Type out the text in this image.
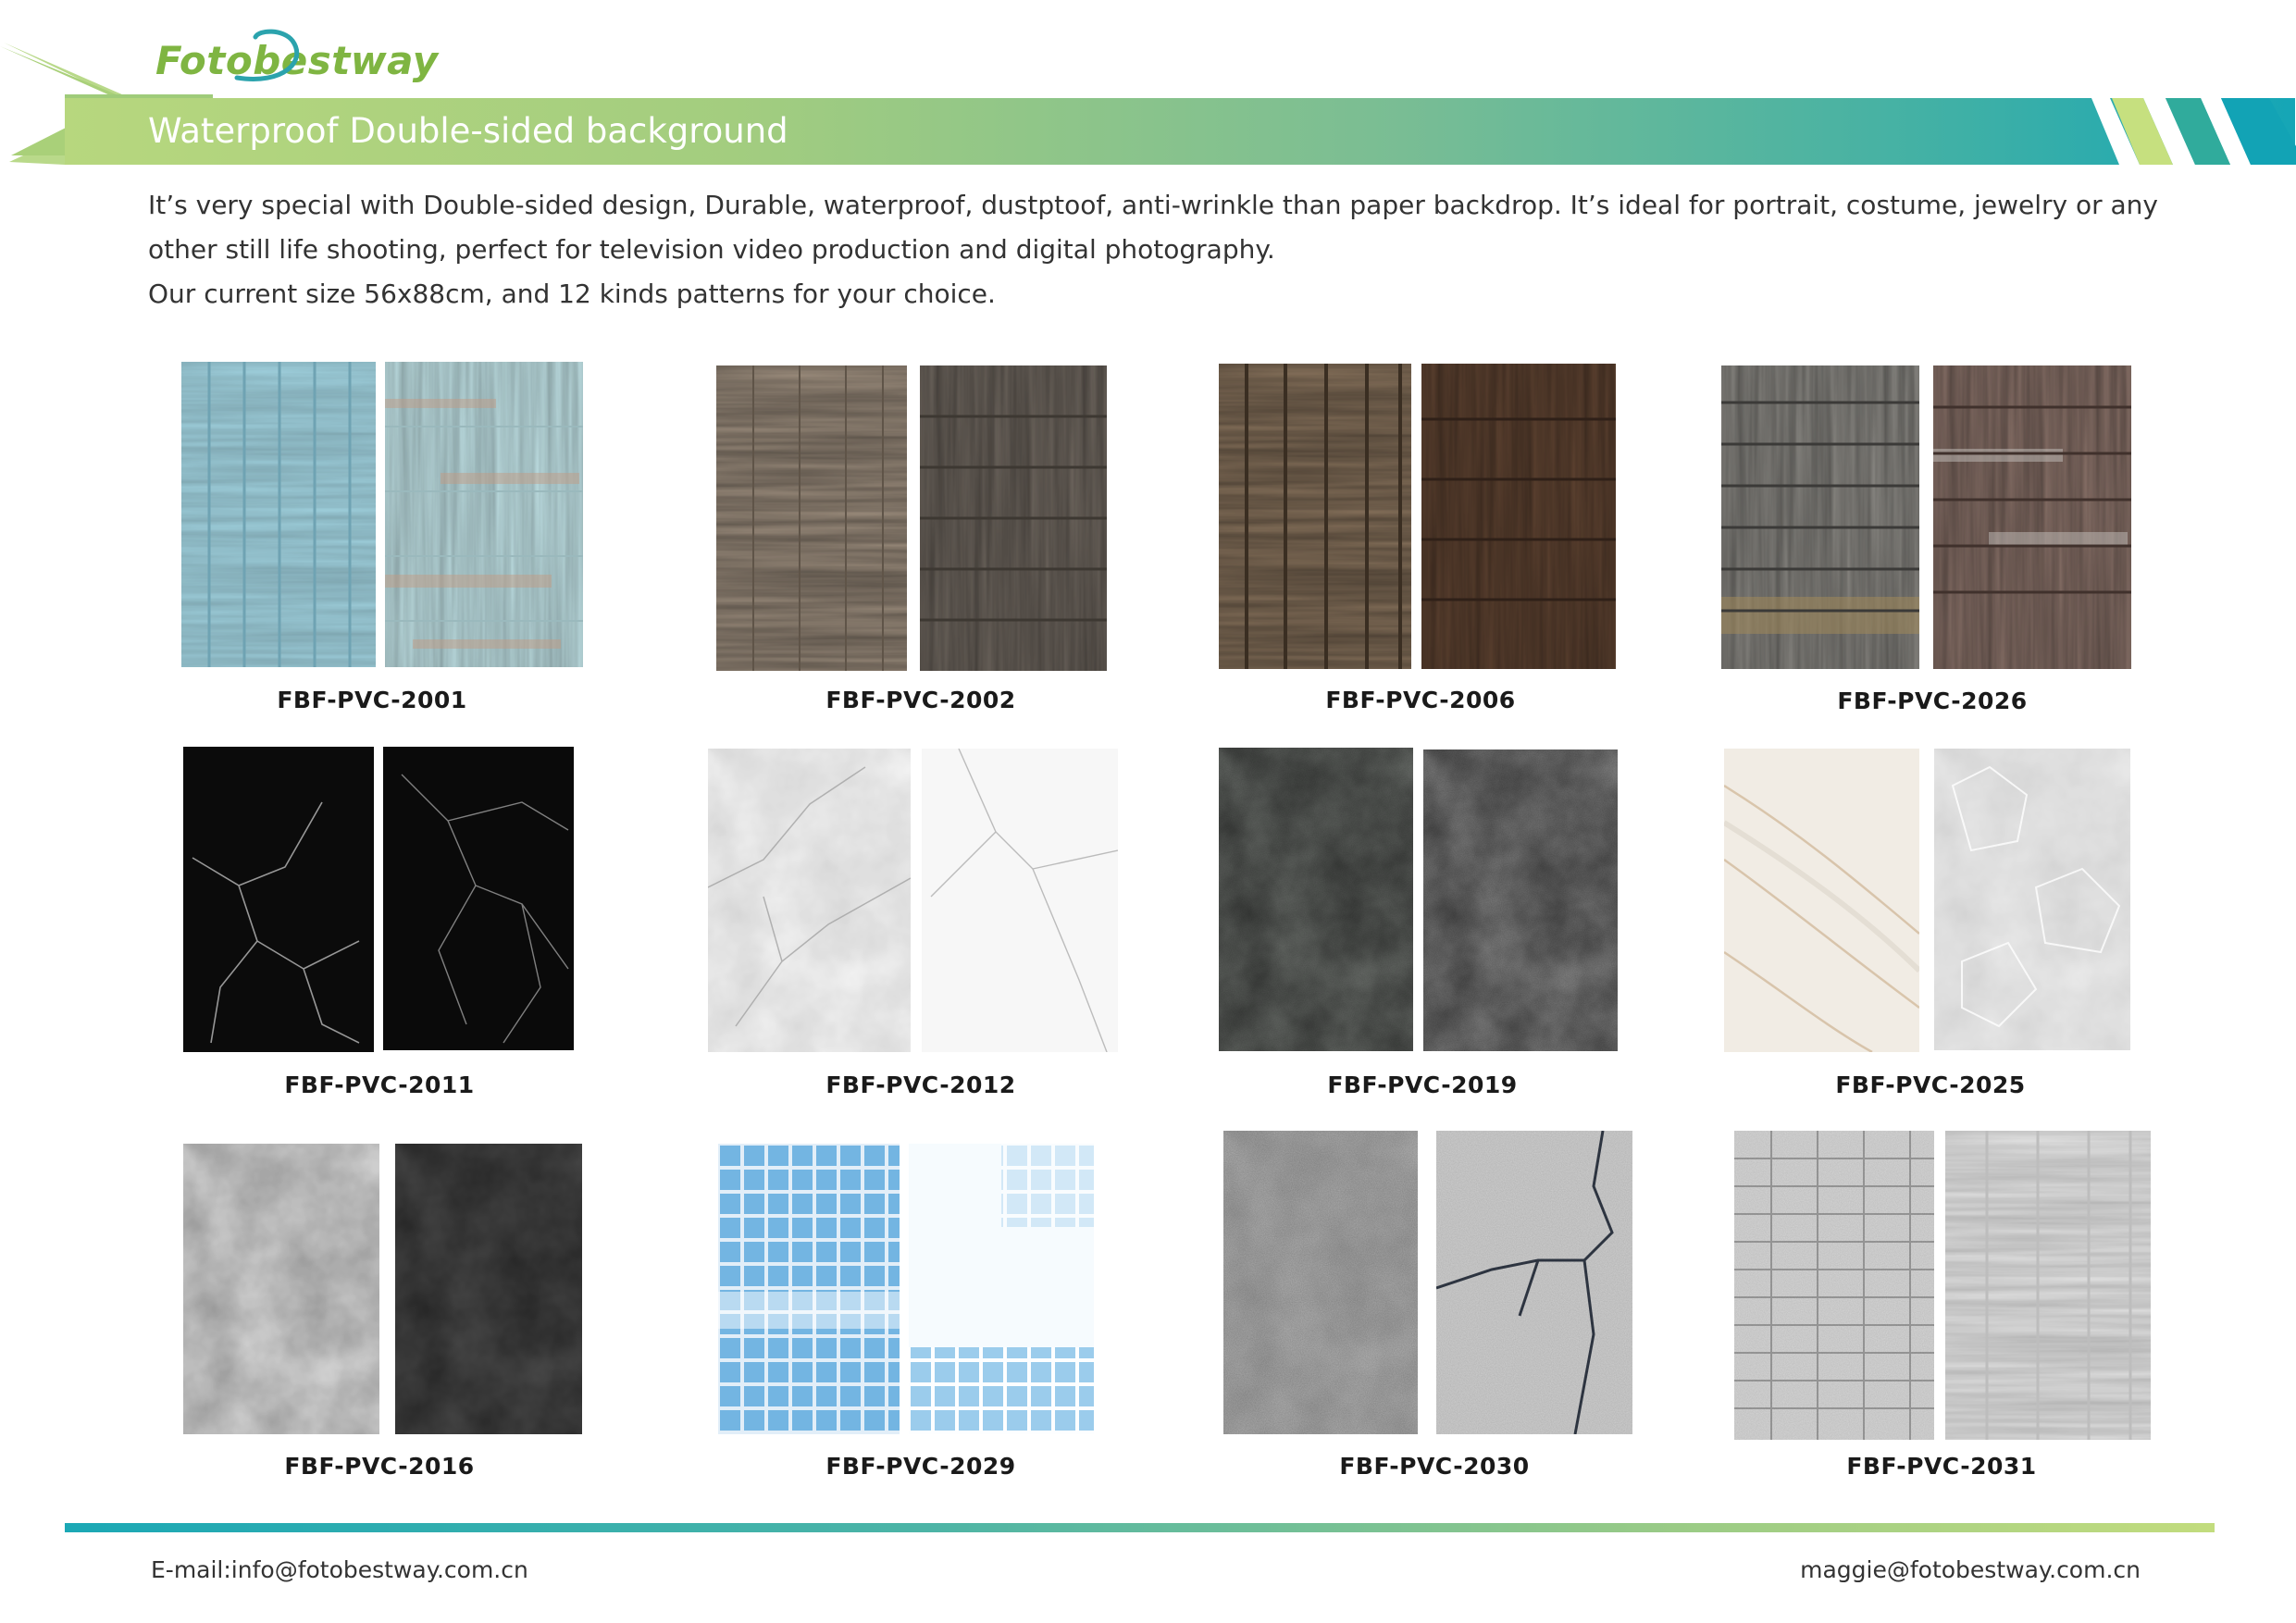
Fotobestway
Waterproof Double-sided background

It’s very special with Double-sided design, Durable, waterproof, dustptoof, anti-wrinkle than paper backdrop. It’s ideal for portrait, costume, jewelry or any other still life shooting, perfect for television video production and digital photography.

Our current size 56x88cm, and 12 kinds patterns for your choice.

FBF-PVC-2001	FBF-PVC-2002	FBF-PVC-2006	FBF-PVC-2026
FBF-PVC-2011	FBF-PVC-2012	FBF-PVC-2019	FBF-PVC-2025
FBF-PVC-2016	FBF-PVC-2029	FBF-PVC-2030	FBF-PVC-2031
E-mail:info@fotobestway.com.cn	maggie@fotobestway.com.cn
